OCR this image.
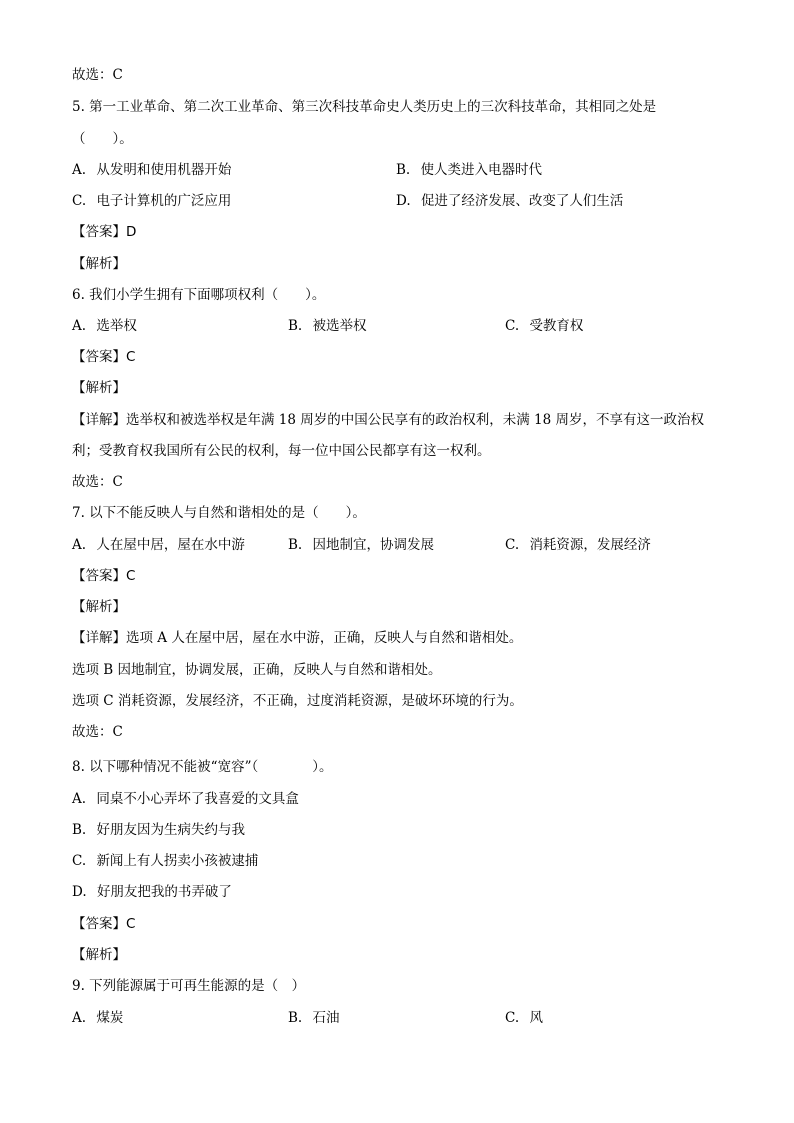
故选：C
5. 第一工业革命、第二次工业革命、第三次科技革命史人类历史上的三次科技革命，其相同之处是
（　　）。
A. 从发明和使用机器开始	B. 使人类进入电器时代
C. 电子计算机的广泛应用	D. 促进了经济发展、改变了人们生活
【答案】D
【解析】
6. 我们小学生拥有下面哪项权利（　　）。
A. 选举权	B. 被选举权	C. 受教育权
【答案】C
【解析】
【详解】选举权和被选举权是年满 18 周岁的中国公民享有的政治权利，未满 18 周岁，不享有这一政治权
利；受教育权我国所有公民的权利，每一位中国公民都享有这一权利。
故选：C
7. 以下不能反映人与自然和谐相处的是（　　）。
A. 人在屋中居，屋在水中游	B. 因地制宜，协调发展	C. 消耗资源，发展经济
【答案】C
【解析】
【详解】选项 A 人在屋中居，屋在水中游，正确，反映人与自然和谐相处。
选项 B 因地制宜，协调发展，正确，反映人与自然和谐相处。
选项 C 消耗资源，发展经济，不正确，过度消耗资源，是破坏环境的行为。
故选：C
8. 以下哪种情况不能被“宽容”（　　　　）。
A. 同桌不小心弄坏了我喜爱的文具盒
B. 好朋友因为生病失约与我
C. 新闻上有人拐卖小孩被逮捕
D. 好朋友把我的书弄破了
【答案】C
【解析】
9. 下列能源属于可再生能源的是（　）
A. 煤炭	B. 石油	C. 风
